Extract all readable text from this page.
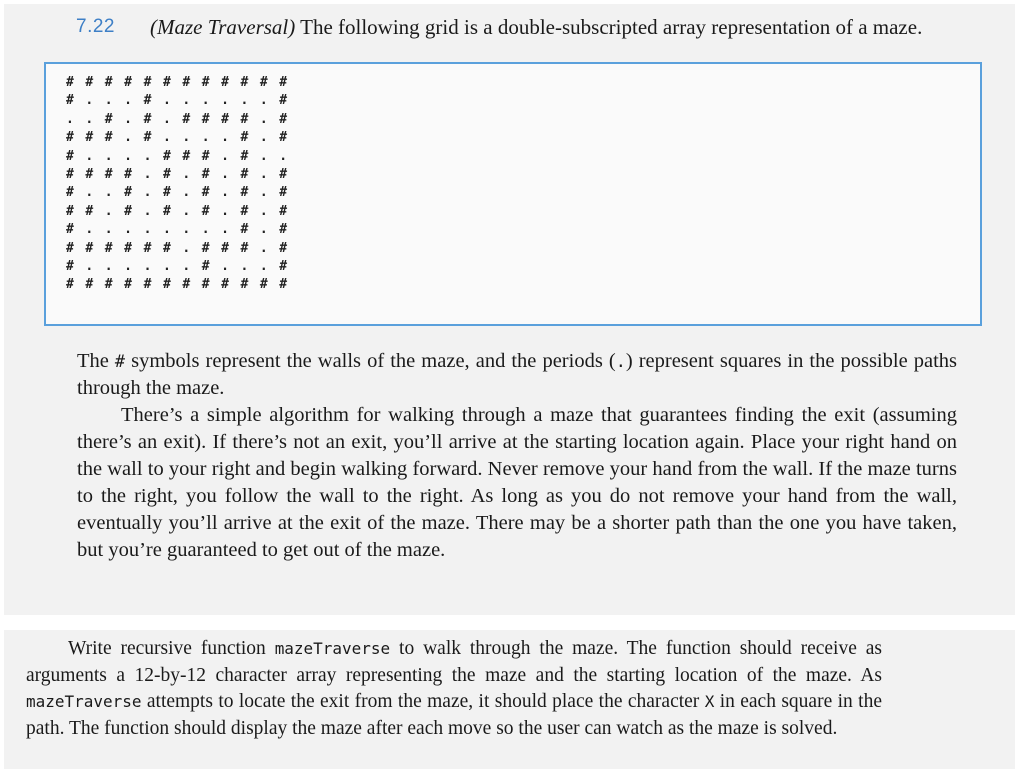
7.22 (Maze Traversal) The following grid is a double-subscripted array representation of a maze.
# # # # # # # # # # # #
# . . . # . . . . . . #
. . # . # . # # # # . #
# # # . # . . . . # . #
# . . . . # # # . # . .
# # # # . # . # . # . #
# . . # . # . # . # . #
# # . # . # . # . # . #
# . . . . . . . . # . #
# # # # # # . # # # . #
# . . . . . . # . . . #
# # # # # # # # # # # #

The # symbols represent the walls of the maze, and the periods (.) represent squares in the possible paths through the maze.

There’s a simple algorithm for walking through a maze that guarantees finding the exit (assuming there’s an exit). If there’s not an exit, you’ll arrive at the starting location again. Place your right hand on the wall to your right and begin walking forward. Never remove your hand from the wall. If the maze turns to the right, you follow the wall to the right. As long as you do not remove your hand from the wall, eventually you’ll arrive at the exit of the maze. There may be a shorter path than the one you have taken, but you’re guaranteed to get out of the maze.

Write recursive function mazeTraverse to walk through the maze. The function should receive as arguments a 12-by-12 character array representing the maze and the starting location of the maze. As mazeTraverse attempts to locate the exit from the maze, it should place the character X in each square in the path. The function should display the maze after each move so the user can watch as the maze is solved.
